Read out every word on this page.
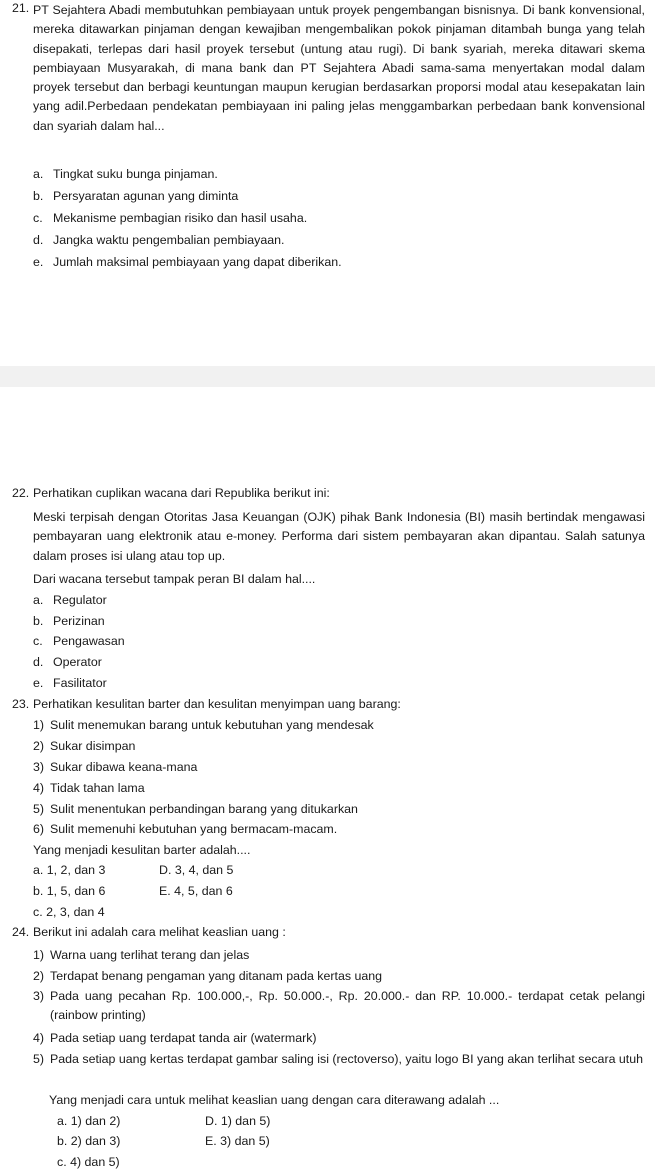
21. PT Sejahtera Abadi membutuhkan pembiayaan untuk proyek pengembangan bisnisnya. Di bank konvensional, mereka ditawarkan pinjaman dengan kewajiban mengembalikan pokok pinjaman ditambah bunga yang telah disepakati, terlepas dari hasil proyek tersebut (untung atau rugi). Di bank syariah, mereka ditawari skema pembiayaan Musyarakah, di mana bank dan PT Sejahtera Abadi sama-sama menyertakan modal dalam proyek tersebut dan berbagi keuntungan maupun kerugian berdasarkan proporsi modal atau kesepakatan lain yang adil.Perbedaan pendekatan pembiayaan ini paling jelas menggambarkan perbedaan bank konvensional dan syariah dalam hal...
a. Tingkat suku bunga pinjaman.
b. Persyaratan agunan yang diminta
c. Mekanisme pembagian risiko dan hasil usaha.
d. Jangka waktu pengembalian pembiayaan.
e. Jumlah maksimal pembiayaan yang dapat diberikan.
22. Perhatikan cuplikan wacana dari Republika berikut ini:
Meski terpisah dengan Otoritas Jasa Keuangan (OJK) pihak Bank Indonesia (BI) masih bertindak mengawasi pembayaran uang elektronik atau e-money. Performa dari sistem pembayaran akan dipantau. Salah satunya dalam proses isi ulang atau top up.
Dari wacana tersebut tampak peran BI dalam hal....
a. Regulator
b. Perizinan
c. Pengawasan
d. Operator
e. Fasilitator
23. Perhatikan kesulitan barter dan kesulitan menyimpan uang barang:
1) Sulit menemukan barang untuk kebutuhan yang mendesak
2) Sukar disimpan
3) Sukar dibawa keana-mana
4) Tidak tahan lama
5) Sulit menentukan perbandingan barang yang ditukarkan
6) Sulit memenuhi kebutuhan yang bermacam-macam.
Yang menjadi kesulitan barter adalah....
a. 1, 2, dan 3	D. 3, 4, dan 5
b. 1, 5, dan 6	E. 4, 5, dan 6
c. 2, 3, dan 4
24. Berikut ini adalah cara melihat keaslian uang :
1) Warna uang terlihat terang dan jelas
2) Terdapat benang pengaman yang ditanam pada kertas uang
3) Pada uang pecahan Rp. 100.000,-, Rp. 50.000.-, Rp. 20.000.- dan RP. 10.000.- terdapat cetak pelangi (rainbow printing)
4) Pada setiap uang terdapat tanda air (watermark)
5) Pada setiap uang kertas terdapat gambar saling isi (rectoverso), yaitu logo BI yang akan terlihat secara utuh
Yang menjadi cara untuk melihat keaslian uang dengan cara diterawang adalah ...
a. 1) dan 2)	D. 1) dan 5)
b. 2) dan 3)	E. 3) dan 5)
c. 4) dan 5)
